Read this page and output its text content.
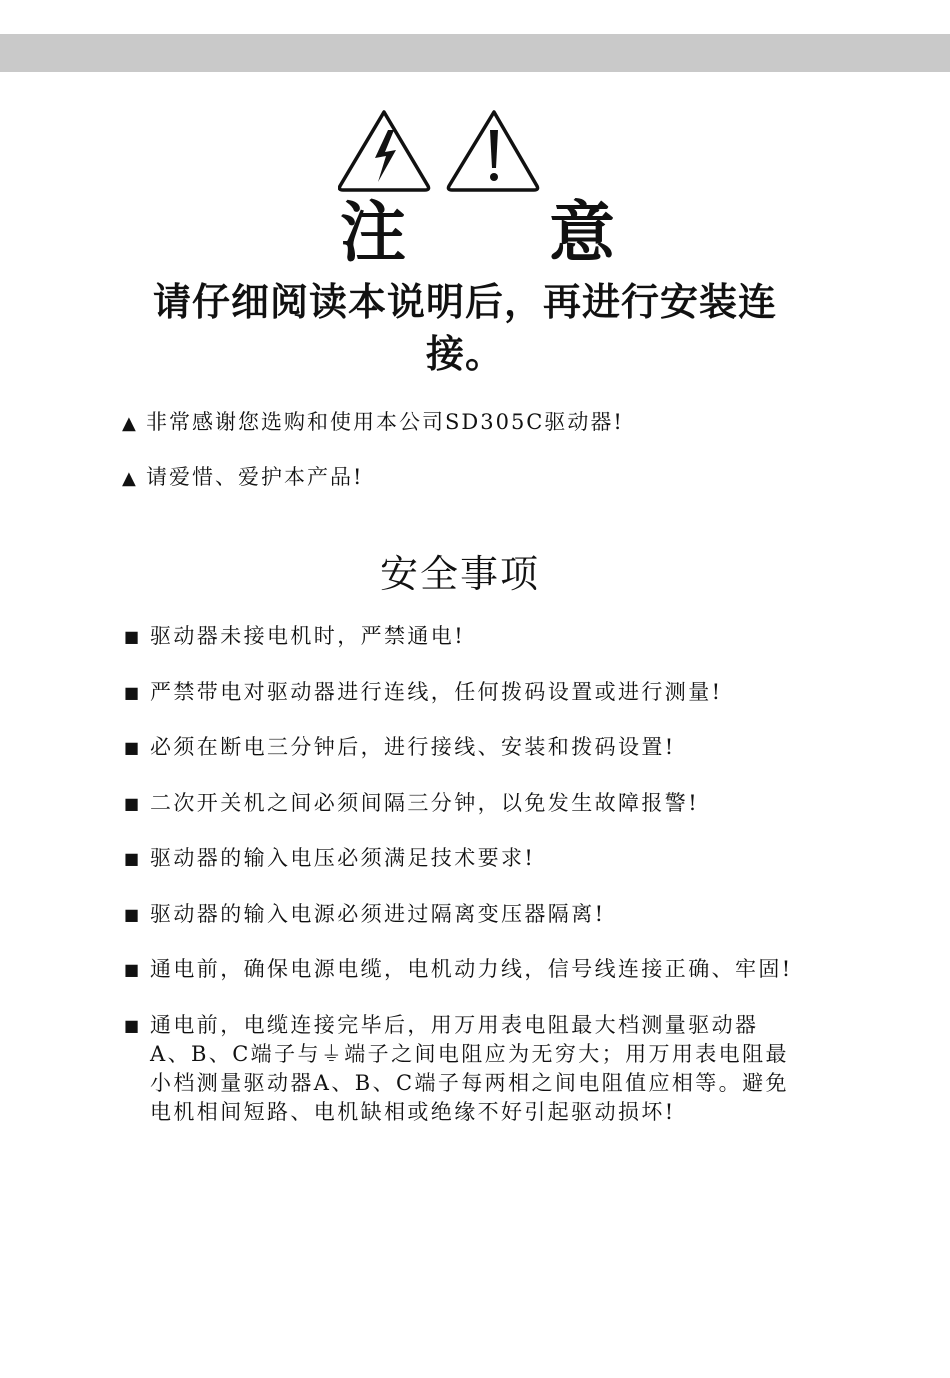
注 意
请仔细阅读本说明后，再进行安装连接。
▲ 非常感谢您选购和使用本公司SD305C驱动器!
▲ 请爱惜、爱护本产品!
安全事项
■ 驱动器未接电机时，严禁通电!
■ 严禁带电对驱动器进行连线，任何拨码设置或进行测量!
■ 必须在断电三分钟后，进行接线、安装和拨码设置!
■ 二次开关机之间必须间隔三分钟，以免发生故障报警!
■ 驱动器的输入电压必须满足技术要求!
■ 驱动器的输入电源必须进过隔离变压器隔离!
■ 通电前，确保电源电缆，电机动力线，信号线连接正确、牢固!
■ 通电前，电缆连接完毕后，用万用表电阻最大档测量驱动器A、B、C端子与⏚端子之间电阻应为无穷大；用万用表电阻最小档测量驱动器A、B、C端子每两相之间电阻值应相等。避免电机相间短路、电机缺相或绝缘不好引起驱动损坏!
